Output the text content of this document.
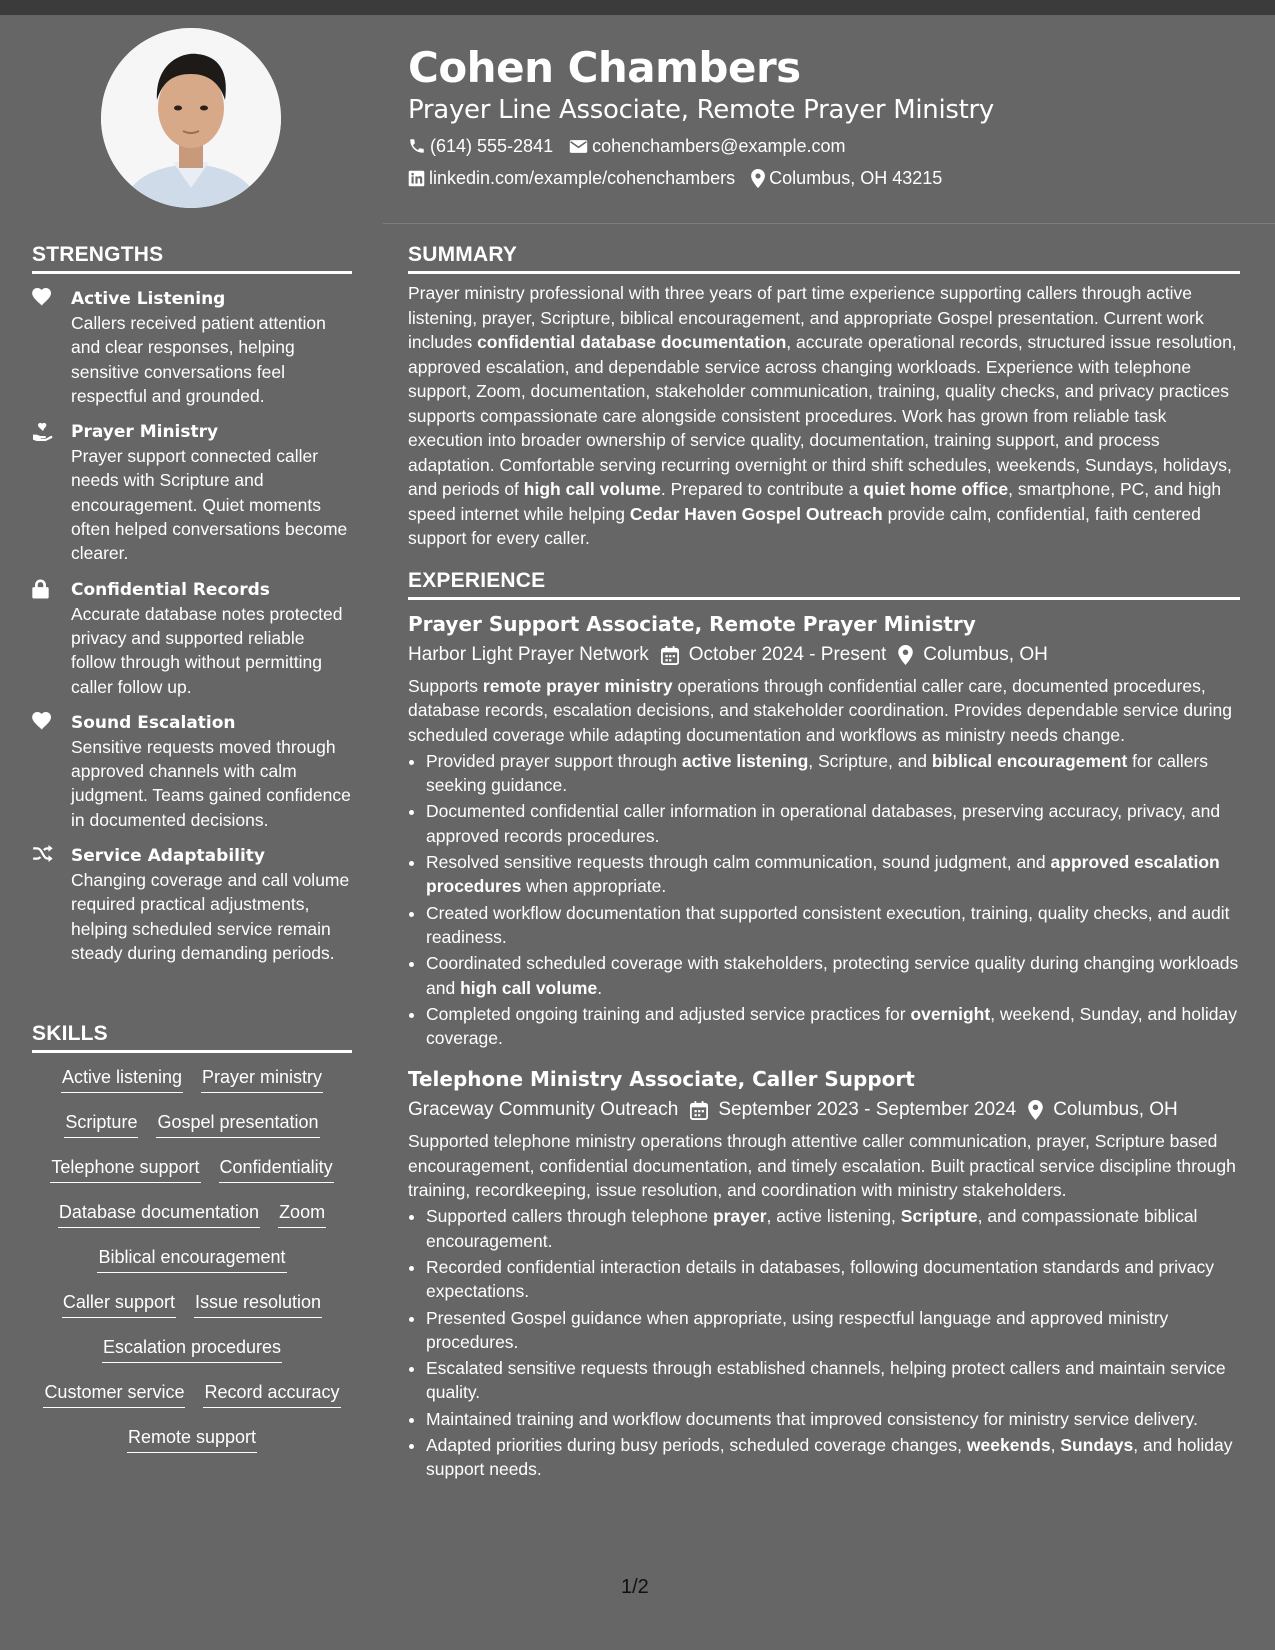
STRENGTHS
Active Listening
Callers received patient attention and clear responses, helping sensitive conversations feel respectful and grounded.
Prayer Ministry
Prayer support connected caller needs with Scripture and encouragement. Quiet moments often helped conversations become clearer.
Confidential Records
Accurate database notes protected privacy and supported reliable follow through without permitting caller follow up.
Sound Escalation
Sensitive requests moved through approved channels with calm judgment. Teams gained confidence in documented decisions.
Service Adaptability
Changing coverage and call volume required practical adjustments, helping scheduled service remain steady during demanding periods.
SKILLS
Active listening Prayer ministry
Scripture Gospel presentation
Telephone support Confidentiality
Database documentation Zoom
Biblical encouragement
Caller support Issue resolution
Escalation procedures
Customer service Record accuracy
Remote support
Cohen Chambers
Prayer Line Associate, Remote Prayer Ministry
(614) 555-2841 cohenchambers@example.com
linkedin.com/example/cohenchambers Columbus, OH 43215
SUMMARY

Prayer ministry professional with three years of part time experience supporting callers through active listening, prayer, Scripture, biblical encouragement, and appropriate Gospel presentation. Current work includes confidential database documentation, accurate operational records, structured issue resolution, approved escalation, and dependable service across changing workloads. Experience with telephone support, Zoom, documentation, stakeholder communication, training, quality checks, and privacy practices supports compassionate care alongside consistent procedures. Work has grown from reliable task execution into broader ownership of service quality, documentation, training support, and process adaptation. Comfortable serving recurring overnight or third shift schedules, weekends, Sundays, holidays, and periods of high call volume. Prepared to contribute a quiet home office, smartphone, PC, and high speed internet while helping Cedar Haven Gospel Outreach provide calm, confidential, faith centered support for every caller.

EXPERIENCE
Prayer Support Associate, Remote Prayer Ministry
Harbor Light Prayer Network October 2024 - Present Columbus, OH

Supports remote prayer ministry operations through confidential caller care, documented procedures, database records, escalation decisions, and stakeholder coordination. Provides dependable service during scheduled coverage while adapting documentation and workflows as ministry needs change.

• Provided prayer support through active listening, Scripture, and biblical encouragement for callers seeking guidance.
• Documented confidential caller information in operational databases, preserving accuracy, privacy, and approved records procedures.
• Resolved sensitive requests through calm communication, sound judgment, and approved escalation procedures when appropriate.
• Created workflow documentation that supported consistent execution, training, quality checks, and audit readiness.
• Coordinated scheduled coverage with stakeholders, protecting service quality during changing workloads and high call volume.
• Completed ongoing training and adjusted service practices for overnight, weekend, Sunday, and holiday coverage.
Telephone Ministry Associate, Caller Support
Graceway Community Outreach September 2023 - September 2024 Columbus, OH

Supported telephone ministry operations through attentive caller communication, prayer, Scripture based encouragement, confidential documentation, and timely escalation. Built practical service discipline through training, recordkeeping, issue resolution, and coordination with ministry stakeholders.

• Supported callers through telephone prayer, active listening, Scripture, and compassionate biblical encouragement.
• Recorded confidential interaction details in databases, following documentation standards and privacy expectations.
• Presented Gospel guidance when appropriate, using respectful language and approved ministry procedures.
• Escalated sensitive requests through established channels, helping protect callers and maintain service quality.
• Maintained training and workflow documents that improved consistency for ministry service delivery.
• Adapted priorities during busy periods, scheduled coverage changes, weekends, Sundays, and holiday support needs.
1/2
